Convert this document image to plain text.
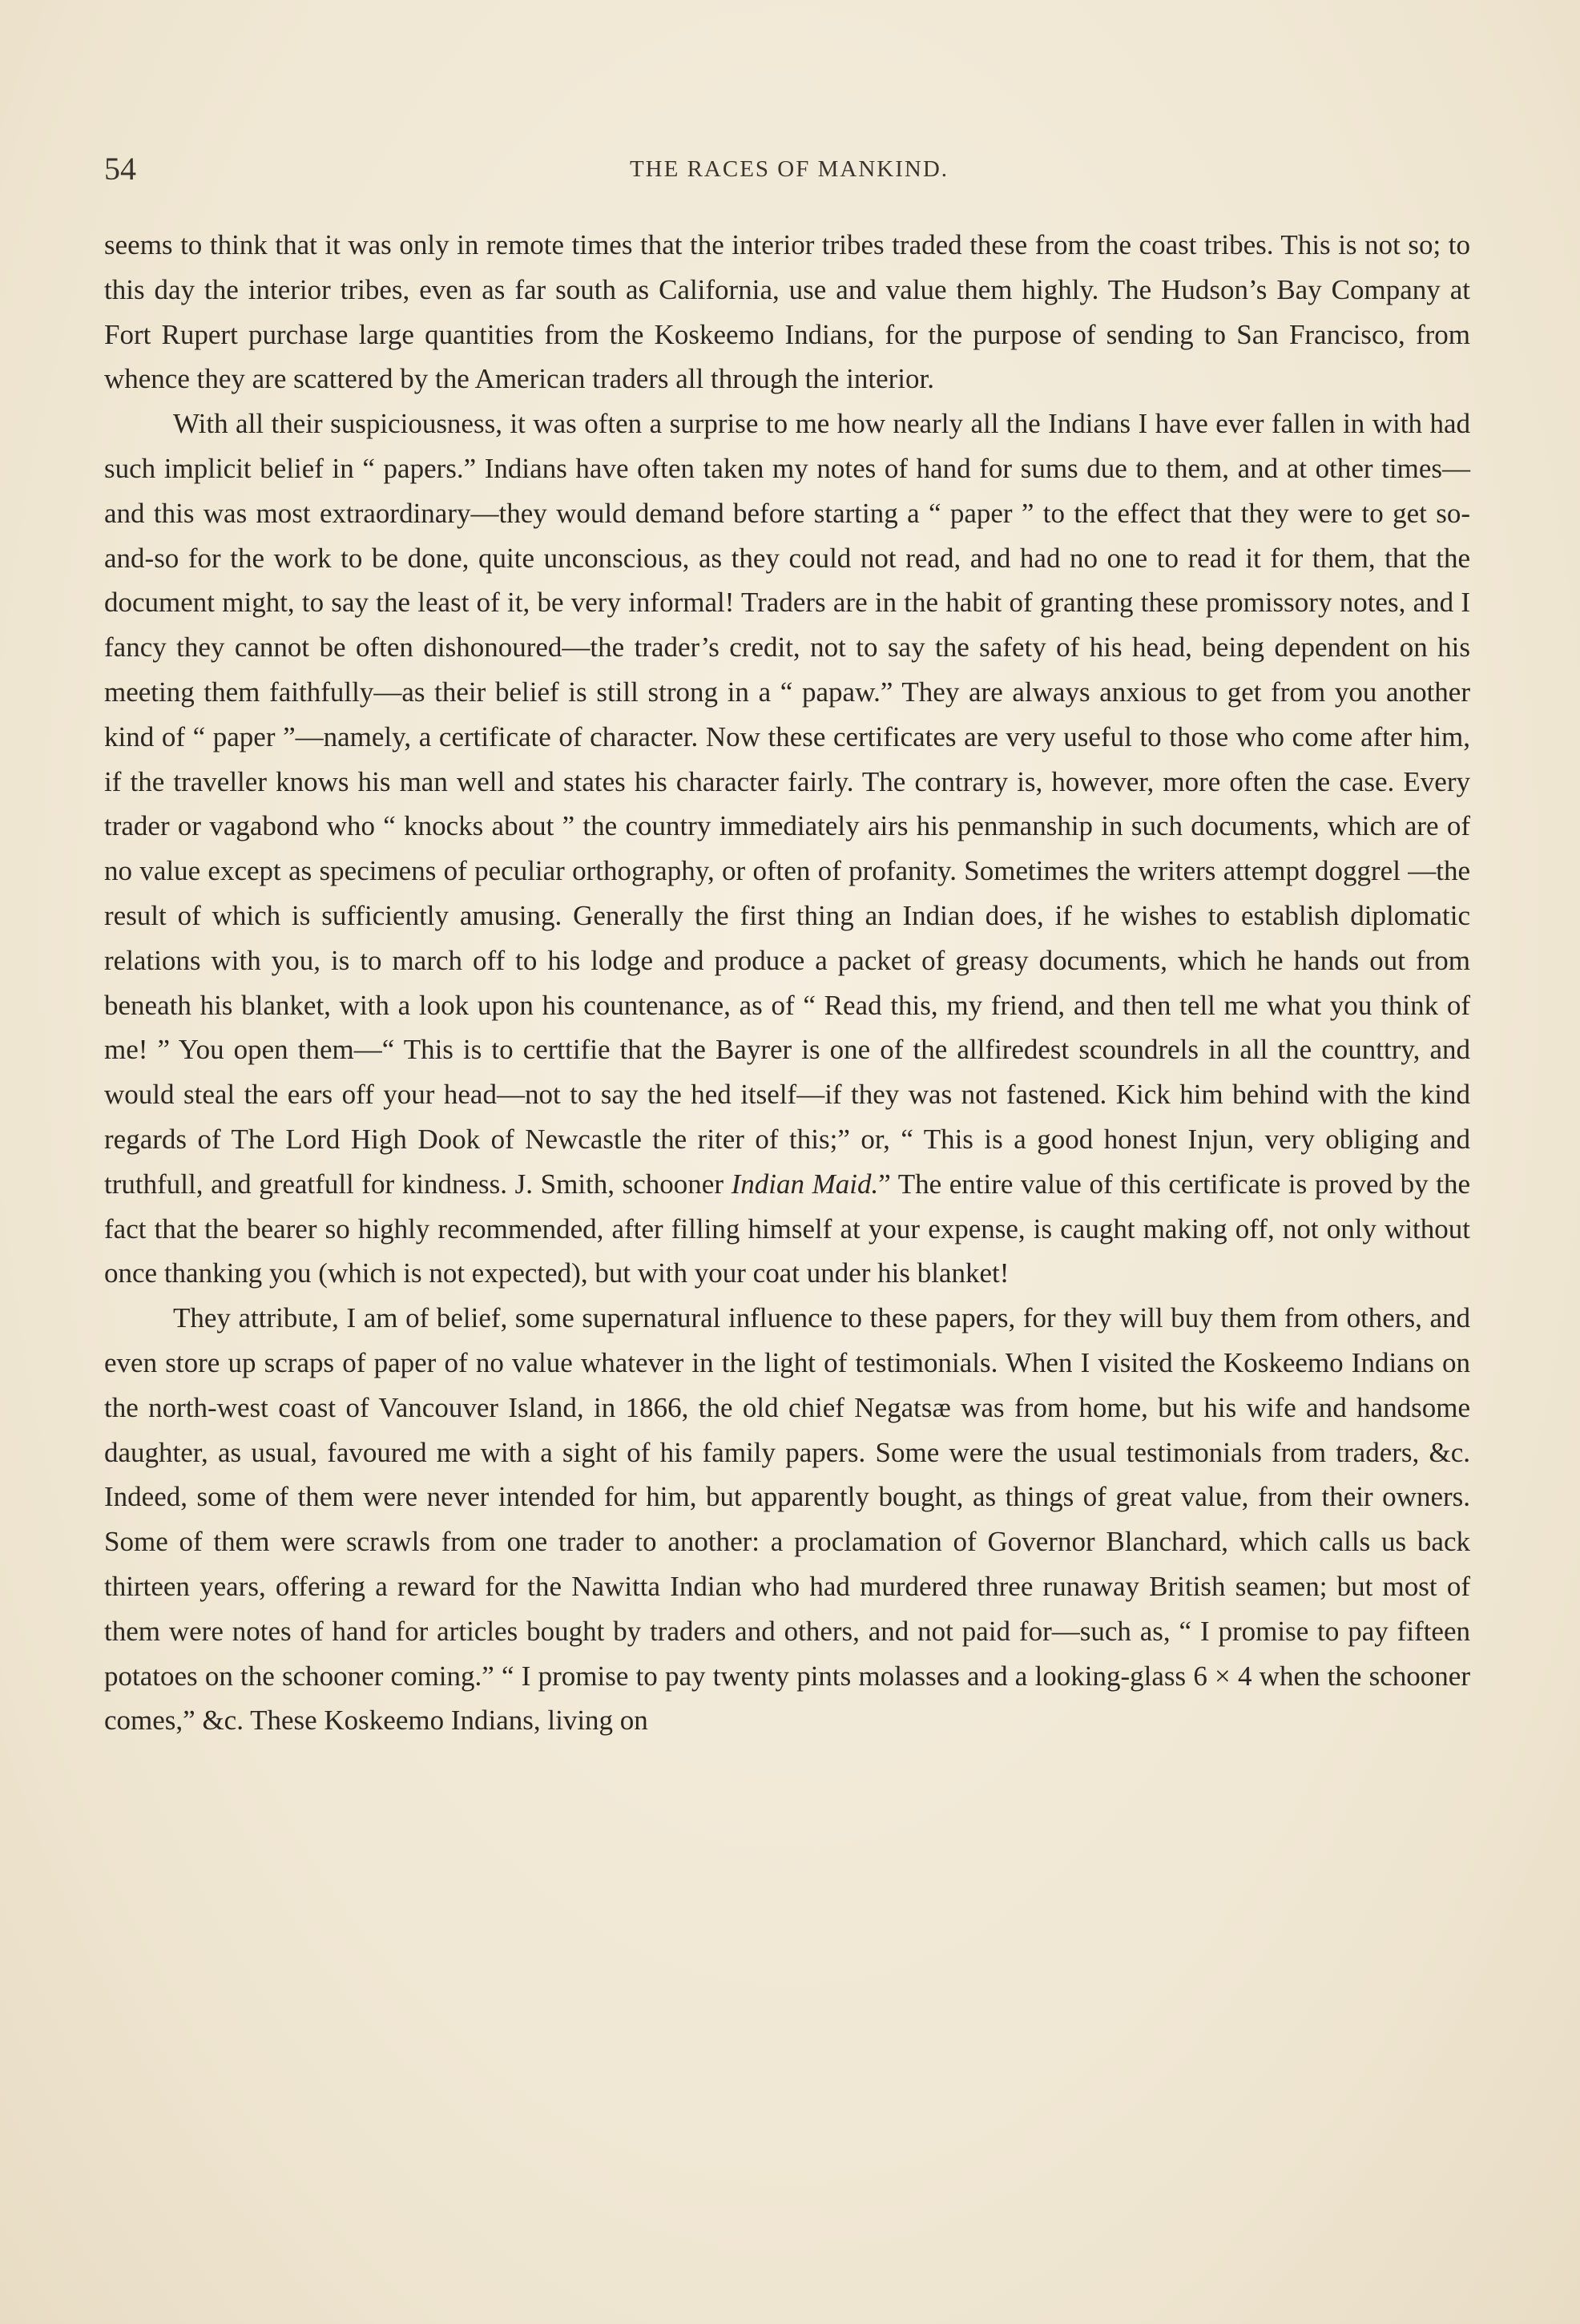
54	THE RACES OF MANKIND.

seems to think that it was only in remote times that the interior tribes traded these from the coast tribes. This is not so; to this day the interior tribes, even as far south as California, use and value them highly. The Hudson’s Bay Company at Fort Rupert purchase large quantities from the Koskeemo Indians, for the purpose of sending to San Francisco, from whence they are scattered by the American traders all through the interior.

With all their suspiciousness, it was often a surprise to me how nearly all the Indians I have ever fallen in with had such implicit belief in “ papers.” Indians have often taken my notes of hand for sums due to them, and at other times—and this was most extraordinary—they would demand before starting a “ paper ” to the effect that they were to get so-and-so for the work to be done, quite unconscious, as they could not read, and had no one to read it for them, that the document might, to say the least of it, be very informal! Traders are in the habit of granting these promissory notes, and I fancy they cannot be often dishonoured—the trader’s credit, not to say the safety of his head, being dependent on his meeting them faithfully—as their belief is still strong in a “ papaw.” They are always anxious to get from you another kind of “ paper ”—namely, a certificate of character. Now these certificates are very useful to those who come after him, if the traveller knows his man well and states his character fairly. The contrary is, however, more often the case. Every trader or vagabond who “ knocks about ” the country immediately airs his penmanship in such documents, which are of no value except as specimens of peculiar orthography, or often of profanity. Sometimes the writers attempt doggrel —the result of which is sufficiently amusing. Generally the first thing an Indian does, if he wishes to establish diplomatic relations with you, is to march off to his lodge and produce a packet of greasy documents, which he hands out from beneath his blanket, with a look upon his countenance, as of “ Read this, my friend, and then tell me what you think of me! ” You open them—“ This is to certtifie that the Bayrer is one of the allfiredest scoundrels in all the counttry, and would steal the ears off your head—not to say the hed itself—if they was not fastened. Kick him behind with the kind regards of The Lord High Dook of Newcastle the riter of this;” or, “ This is a good honest Injun, very obliging and truthfull, and greatfull for kindness. J. Smith, schooner Indian Maid.” The entire value of this certificate is proved by the fact that the bearer so highly recommended, after filling himself at your expense, is caught making off, not only without once thanking you (which is not expected), but with your coat under his blanket!

They attribute, I am of belief, some supernatural influence to these papers, for they will buy them from others, and even store up scraps of paper of no value whatever in the light of testimonials. When I visited the Koskeemo Indians on the north-west coast of Vancouver Island, in 1866, the old chief Negatsæ was from home, but his wife and handsome daughter, as usual, favoured me with a sight of his family papers. Some were the usual testimonials from traders, &c. Indeed, some of them were never intended for him, but apparently bought, as things of great value, from their owners. Some of them were scrawls from one trader to another: a proclamation of Governor Blanchard, which calls us back thirteen years, offering a reward for the Nawitta Indian who had murdered three runaway British seamen; but most of them were notes of hand for articles bought by traders and others, and not paid for—such as, “ I promise to pay fifteen potatoes on the schooner coming.” “ I promise to pay twenty pints molasses and a looking-glass 6 × 4 when the schooner comes,” &c. These Koskeemo Indians, living on
